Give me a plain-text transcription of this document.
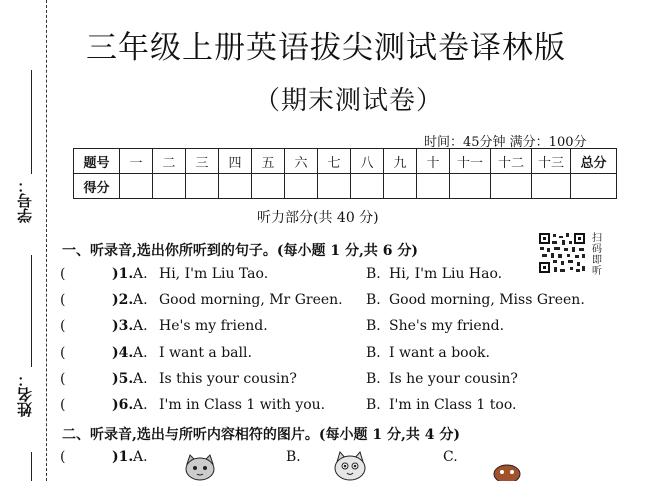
学号：
姓名：
三年级上册英语拔尖测试卷译林版
（期末测试卷）
时间：45分钟 满分：100分
题号	一	二	三	四	五	六	七	八	九	十	十一	十二	十三	总分
得分														
听力部分(共 40 分)
一、听录音,选出你所听到的句子。(每小题 1 分,共 6 分)
扫码即听
(	)1. A. Hi, I'm Liu Tao.	B. Hi, I'm Liu Hao.
(	)2. A. Good morning, Mr Green. B. Good morning, Miss Green.
(	)3. A. He's my friend.	B. She's my friend.
(	)4. A. I want a ball.	B. I want a book.
(	)5. A. Is this your cousin?	B. Is he your cousin?
(	)6. A. I'm in Class 1 with you.	B. I'm in Class 1 too.
二、听录音,选出与所听内容相符的图片。(每小题 1 分,共 4 分)
(	)1. A.	B.	C.
